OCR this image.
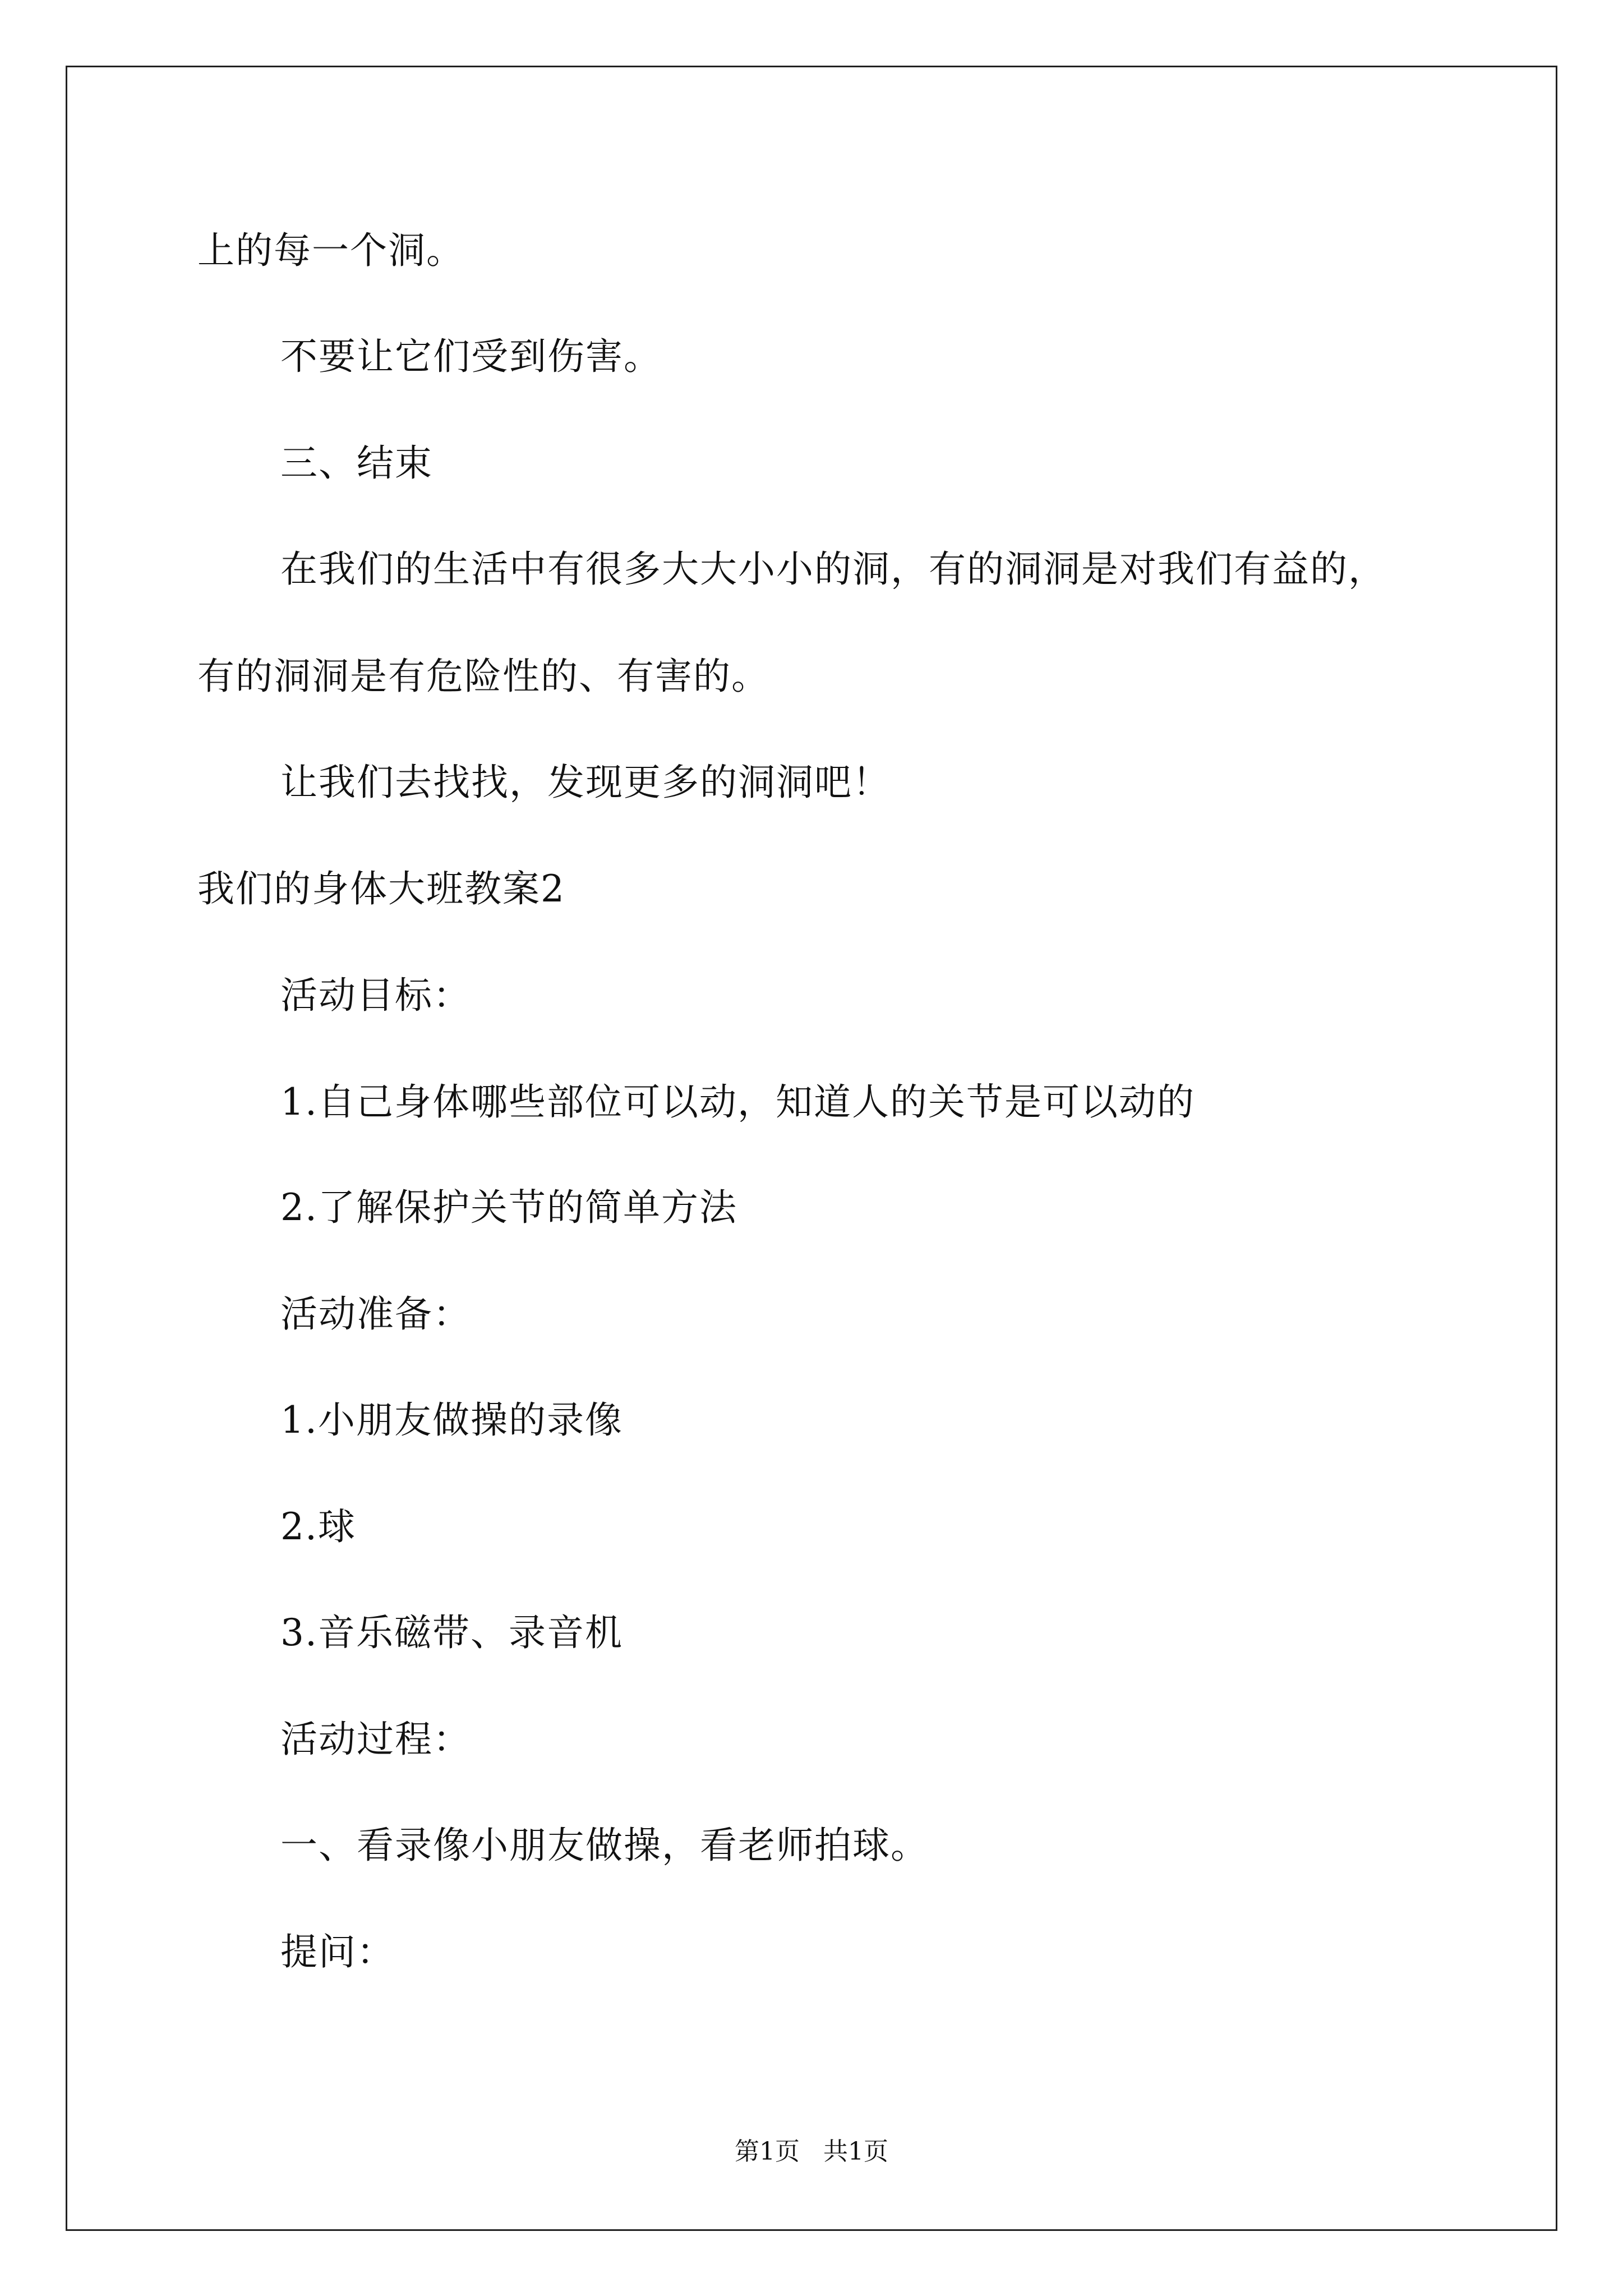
上的每一个洞。
不要让它们受到伤害。
三、结束
在我们的生活中有很多大大小小的洞，有的洞洞是对我们有益的，
有的洞洞是有危险性的、有害的。
让我们去找找，发现更多的洞洞吧！
我们的身体大班教案2
活动目标：
1.自己身体哪些部位可以动，知道人的关节是可以动的
2.了解保护关节的简单方法
活动准备：
1.小朋友做操的录像
2.球
3.音乐磁带、录音机
活动过程：
一、看录像小朋友做操，看老师拍球。
提问：
第1页   共1页
